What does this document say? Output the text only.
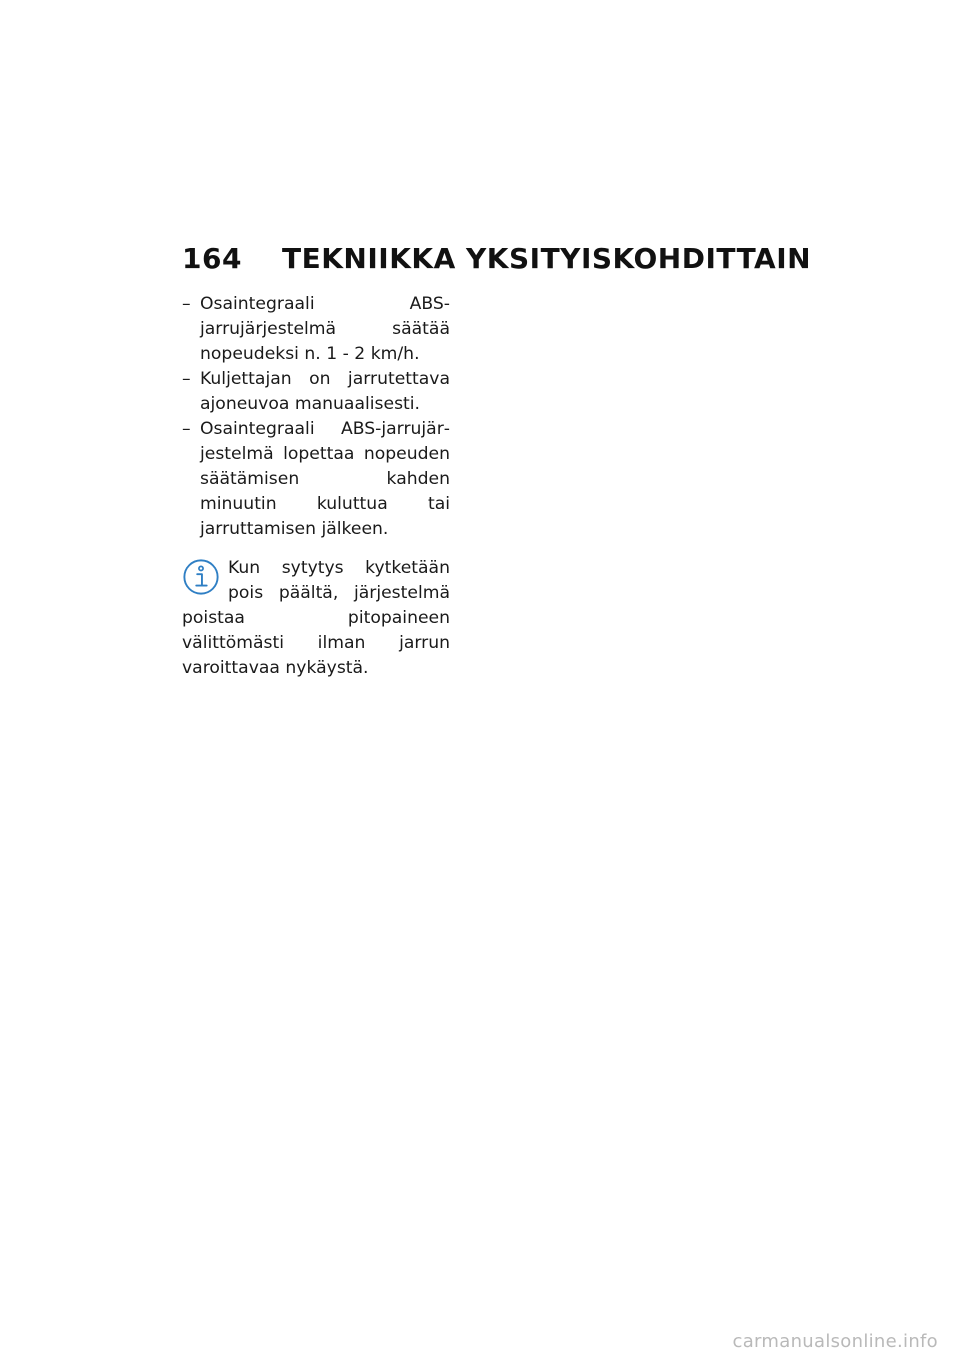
164	TEKNIIKKA YKSITYISKOHDITTAIN
– Osaintegraali ABS-jarrujärjestelmä säätää nopeudeksi n. 1 - 2 km/h.
– Kuljettajan on jarrutettava ajoneuvoa manuaalisesti.
– Osaintegraali ABS-jarrujärjestelmä lopettaa nopeuden säätämisen kahden minuutin kuluttua tai jarruttamisen jälkeen.

Kun sytytys kytketään pois päältä, järjestelmä poistaa pitopaineen välittömästi ilman jarrun varoittavaa nykäystä.

carmanualsonline.info
